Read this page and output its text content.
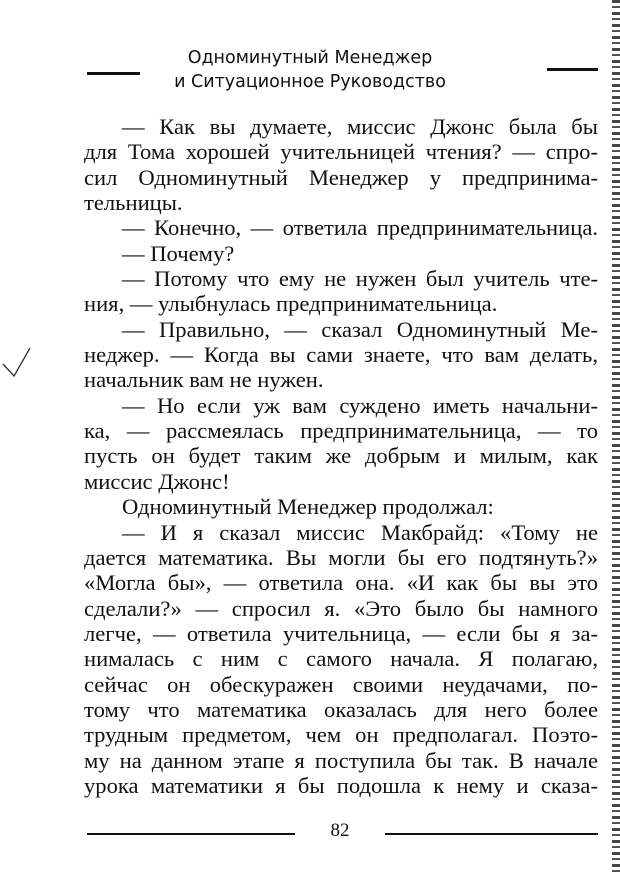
Одноминутный Менеджер
и Ситуационное Руководство
— Как вы думаете, миссис Джонс была бы
для Тома хорошей учительницей чтения? — спро-
сил Одноминутный Менеджер у предпринима-
тельницы.
— Конечно, — ответила предпринимательница.
— Почему?
— Потому что ему не нужен был учитель чте-
ния, — улыбнулась предпринимательница.
— Правильно, — сказал Одноминутный Ме-
неджер. — Когда вы сами знаете, что вам делать,
начальник вам не нужен.
— Но если уж вам суждено иметь начальни-
ка, — рассмеялась предпринимательница, — то
пусть он будет таким же добрым и милым, как
миссис Джонс!
Одноминутный Менеджер продолжал:
— И я сказал миссис Макбрайд: «Тому не
дается математика. Вы могли бы его подтянуть?»
«Могла бы», — ответила она. «И как бы вы это
сделали?» — спросил я. «Это было бы намного
легче, — ответила учительница, — если бы я за-
нималась с ним с самого начала. Я полагаю,
сейчас он обескуражен своими неудачами, по-
тому что математика оказалась для него более
трудным предметом, чем он предполагал. Поэто-
му на данном этапе я поступила бы так. В начале
урока математики я бы подошла к нему и сказа-
82
